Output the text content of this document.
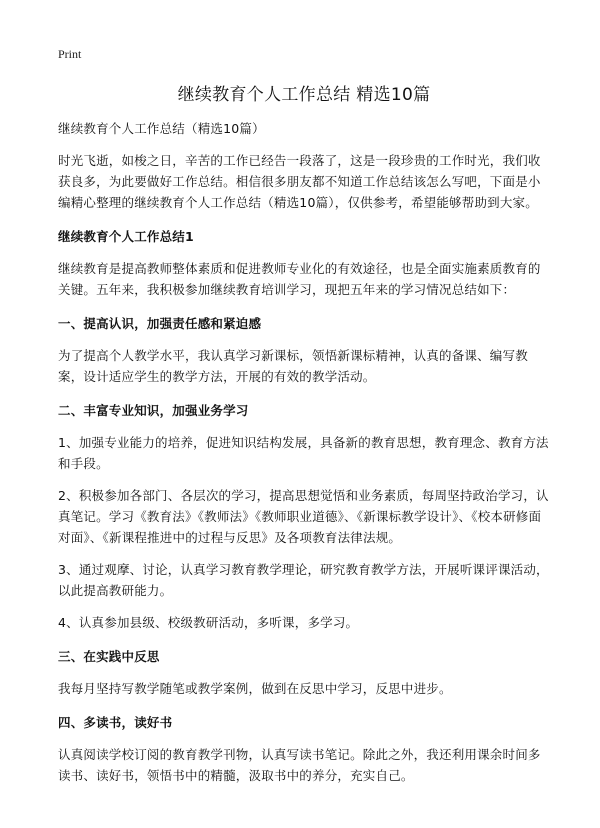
Print
继续教育个人工作总结 精选10篇

继续教育个人工作总结（精选10篇）

时光飞逝，如梭之日，辛苦的工作已经告一段落了，这是一段珍贵的工作时光，我们收获良多，为此要做好工作总结。相信很多朋友都不知道工作总结该怎么写吧，下面是小编精心整理的继续教育个人工作总结（精选10篇），仅供参考，希望能够帮助到大家。

继续教育个人工作总结1

继续教育是提高教师整体素质和促进教师专业化的有效途径，也是全面实施素质教育的关键。五年来，我积极参加继续教育培训学习，现把五年来的学习情况总结如下：

一、提高认识，加强责任感和紧迫感

为了提高个人教学水平，我认真学习新课标，领悟新课标精神，认真的备课、编写教案，设计适应学生的教学方法，开展的有效的教学活动。

二、丰富专业知识，加强业务学习

1、加强专业能力的培养，促进知识结构发展，具备新的教育思想，教育理念、教育方法和手段。

2、积极参加各部门、各层次的学习，提高思想觉悟和业务素质，每周坚持政治学习，认真笔记。学习《教育法》《教师法》《教师职业道德》、《新课标教学设计》、《校本研修面对面》、《新课程推进中的过程与反思》及各项教育法律法规。

3、通过观摩、讨论，认真学习教育教学理论，研究教育教学方法，开展听课评课活动，以此提高教研能力。

4、认真参加县级、校级教研活动，多听课，多学习。

三、在实践中反思

我每月坚持写教学随笔或教学案例，做到在反思中学习，反思中进步。

四、多读书，读好书

认真阅读学校订阅的教育教学刊物，认真写读书笔记。除此之外，我还利用课余时间多读书、读好书，领悟书中的精髓，汲取书中的养分，充实自己。
